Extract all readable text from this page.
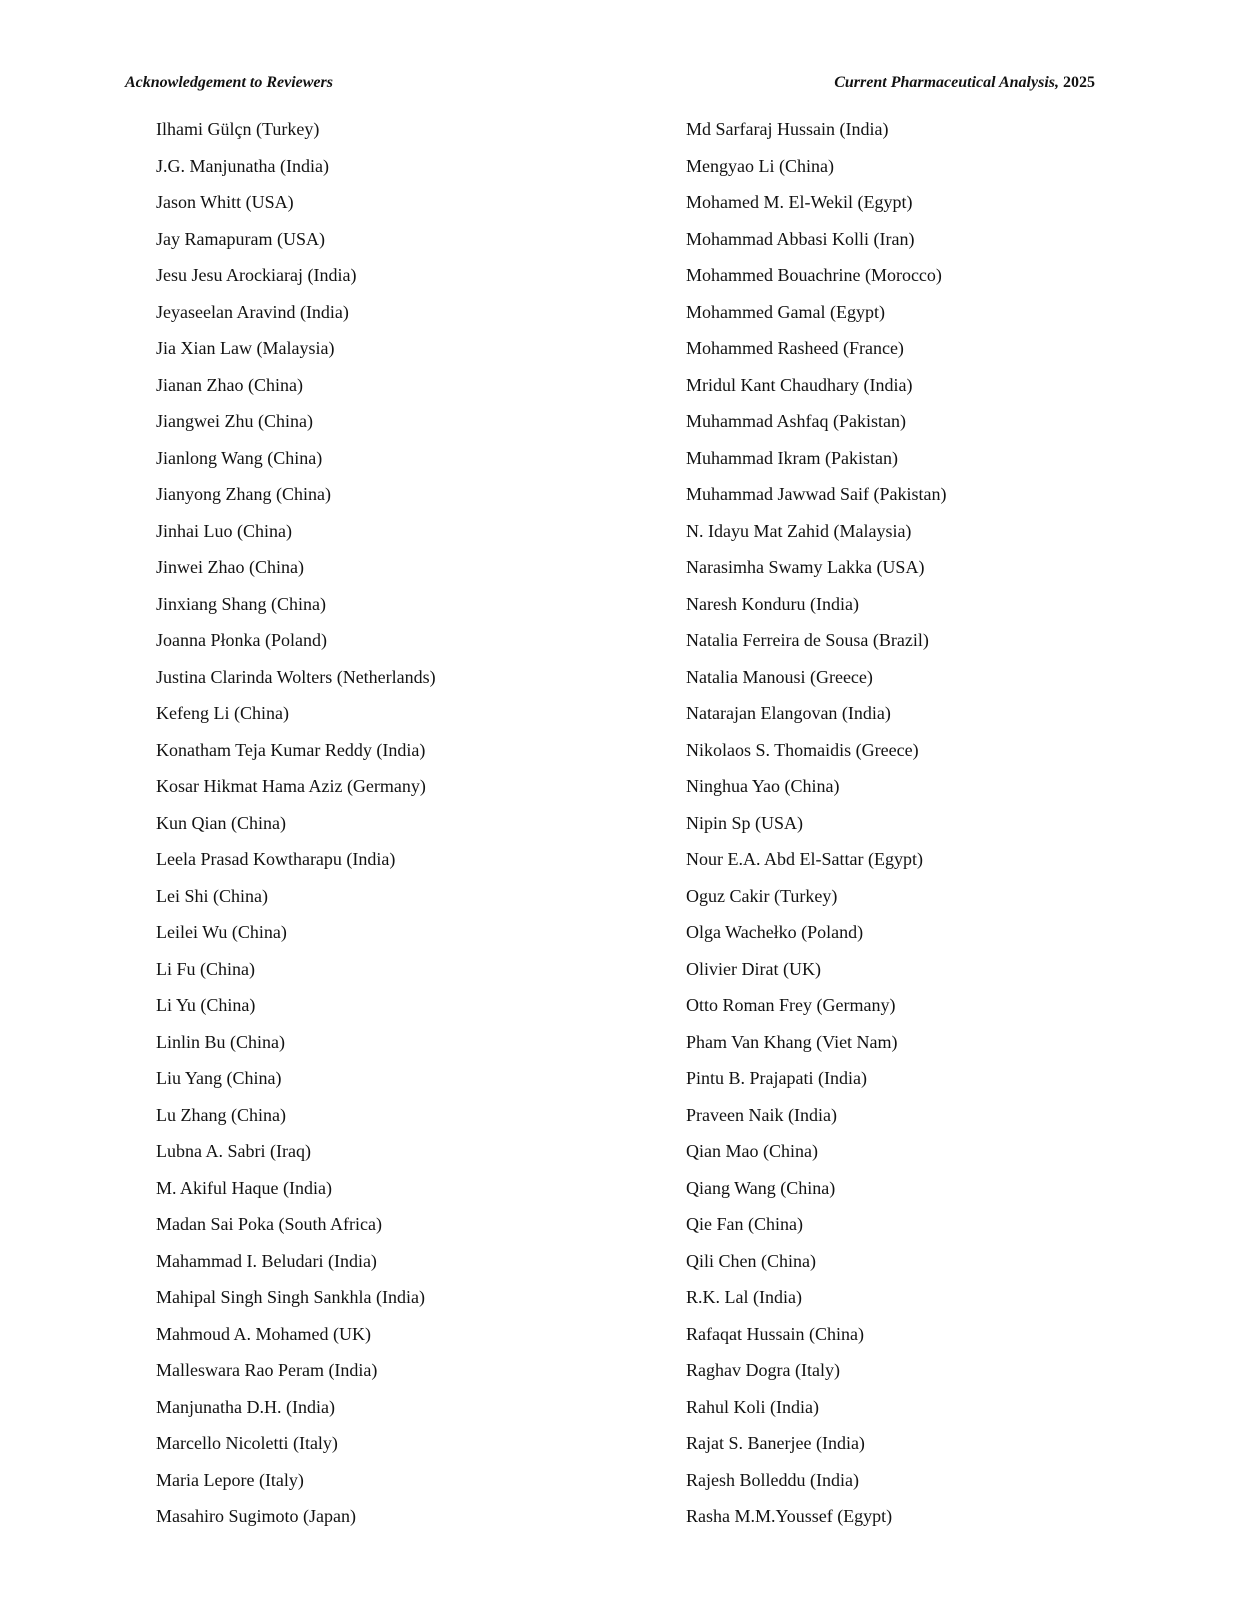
Acknowledgement to Reviewers	Current Pharmaceutical Analysis, 2025
Ilhami Gülçn (Turkey)
J.G. Manjunatha (India)
Jason Whitt (USA)
Jay Ramapuram (USA)
Jesu Jesu Arockiaraj (India)
Jeyaseelan Aravind (India)
Jia Xian Law (Malaysia)
Jianan Zhao (China)
Jiangwei Zhu (China)
Jianlong Wang (China)
Jianyong Zhang (China)
Jinhai Luo (China)
Jinwei Zhao (China)
Jinxiang Shang (China)
Joanna Płonka (Poland)
Justina Clarinda Wolters (Netherlands)
Kefeng Li (China)
Konatham Teja Kumar Reddy (India)
Kosar Hikmat Hama Aziz (Germany)
Kun Qian (China)
Leela Prasad Kowtharapu (India)
Lei Shi (China)
Leilei Wu (China)
Li Fu (China)
Li Yu (China)
Linlin Bu (China)
Liu Yang (China)
Lu Zhang (China)
Lubna A. Sabri (Iraq)
M. Akiful Haque (India)
Madan Sai Poka (South Africa)
Mahammad I. Beludari (India)
Mahipal Singh Singh Sankhla (India)
Mahmoud A. Mohamed (UK)
Malleswara Rao Peram (India)
Manjunatha D.H. (India)
Marcello Nicoletti (Italy)
Maria Lepore (Italy)
Masahiro Sugimoto (Japan)
Md Sarfaraj Hussain (India)
Mengyao Li (China)
Mohamed M. El-Wekil (Egypt)
Mohammad Abbasi Kolli (Iran)
Mohammed Bouachrine (Morocco)
Mohammed Gamal (Egypt)
Mohammed Rasheed (France)
Mridul Kant Chaudhary (India)
Muhammad Ashfaq (Pakistan)
Muhammad Ikram (Pakistan)
Muhammad Jawwad Saif (Pakistan)
N. Idayu Mat Zahid (Malaysia)
Narasimha Swamy Lakka (USA)
Naresh Konduru (India)
Natalia Ferreira de Sousa (Brazil)
Natalia Manousi (Greece)
Natarajan Elangovan (India)
Nikolaos S. Thomaidis (Greece)
Ninghua Yao (China)
Nipin Sp (USA)
Nour E.A. Abd El-Sattar (Egypt)
Oguz Cakir (Turkey)
Olga Wachełko (Poland)
Olivier Dirat (UK)
Otto Roman Frey (Germany)
Pham Van Khang (Viet Nam)
Pintu B. Prajapati (India)
Praveen Naik (India)
Qian Mao (China)
Qiang Wang (China)
Qie Fan (China)
Qili Chen (China)
R.K. Lal (India)
Rafaqat Hussain (China)
Raghav Dogra (Italy)
Rahul Koli (India)
Rajat S. Banerjee (India)
Rajesh Bolleddu (India)
Rasha M.M.Youssef (Egypt)
